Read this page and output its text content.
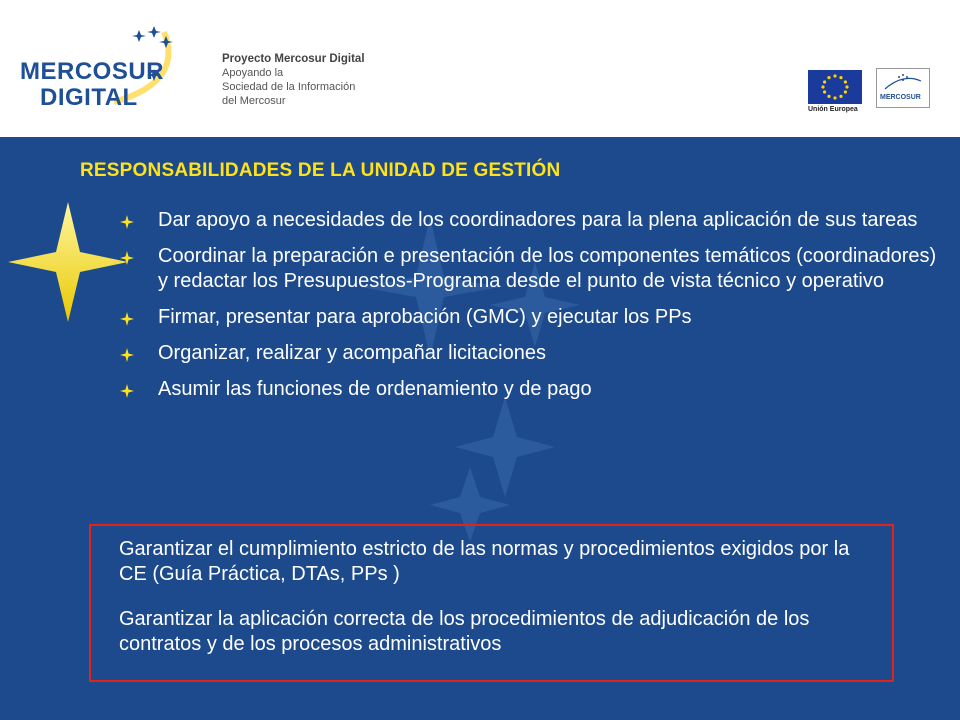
MERCOSUR
DIGITAL
Proyecto Mercosur Digital
Apoyando la
Sociedad de la Información
del Mercosur
Unión Europea
MERCOSUR
RESPONSABILIDADES DE LA UNIDAD DE GESTIÓN
Dar apoyo a necesidades de los coordinadores para la plena aplicación de sus tareas
Coordinar la preparación e presentación de los componentes temáticos (coordinadores) y redactar los Presupuestos-Programa desde el punto de vista técnico y operativo
Firmar, presentar para aprobación (GMC) y ejecutar los PPs
Organizar, realizar y acompañar licitaciones
Asumir las funciones de ordenamiento y de pago

Garantizar el cumplimiento estricto de las normas y procedimientos exigidos por la CE (Guía Práctica, DTAs, PPs )

Garantizar la aplicación correcta de los procedimientos de adjudicación de los contratos y de los procesos administrativos
